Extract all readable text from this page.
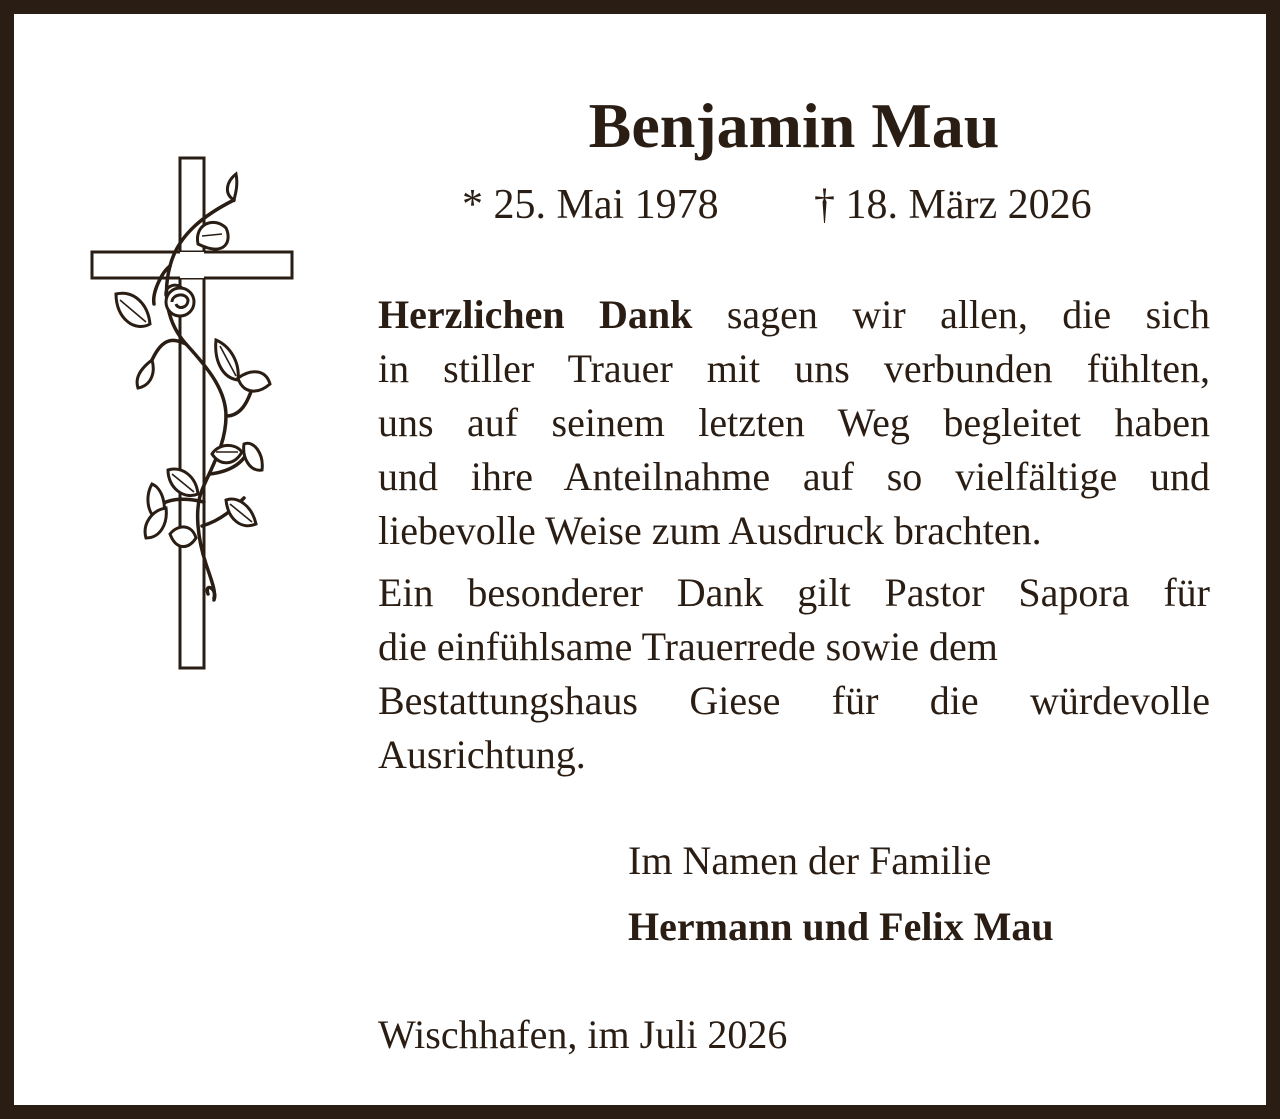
Benjamin Mau
* 25. Mai 1978 † 18. März 2026
Herzlichen Dank sagen wir allen, die sich
in stiller Trauer mit uns verbunden fühlten,
uns auf seinem letzten Weg begleitet haben
und ihre Anteilnahme auf so vielfältige und
liebevolle Weise zum Ausdruck brachten.
Ein besonderer Dank gilt Pastor Sapora für
die einfühlsame Trauerrede sowie dem
Bestattungshaus Giese für die würdevolle
Ausrichtung.
Im Namen der Familie
Hermann und Felix Mau
Wischhafen, im Juli 2026
